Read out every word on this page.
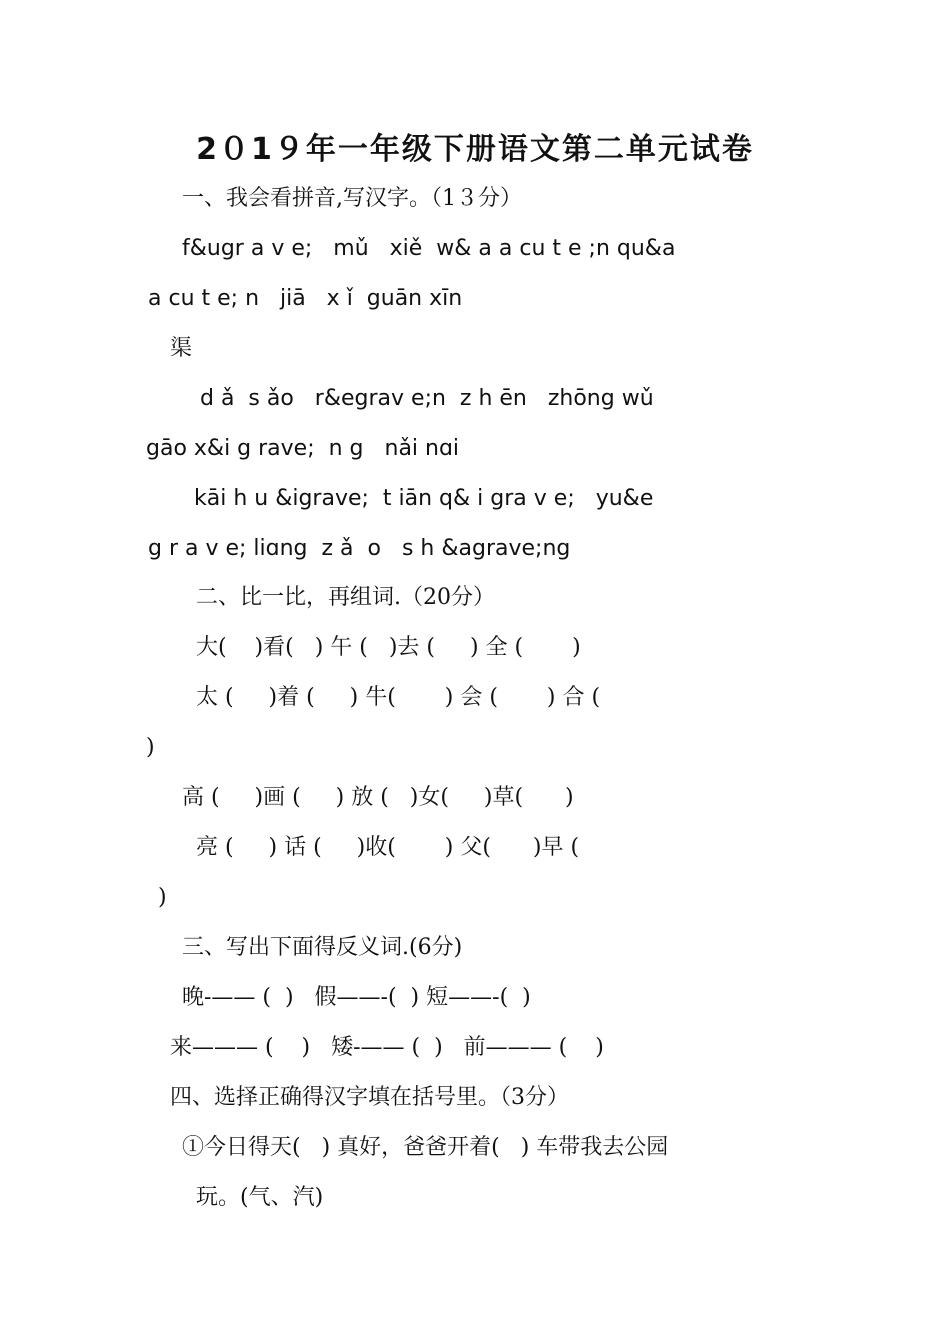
2０1９年一年级下册语文第二单元试卷
一、我会看拼音,写汉字。（1３分）
f&ugr a v e;   mǔ   xiě  w& a a cu t e ;n qu&a
a cu t e; n   jiā   x ǐ  guān xīn
渠
d ǎ  s ǎo   r&egrav e;n  z h ēn   zhōng wǔ
gāo x&i g rave;  n g   nǎi nɑi
kāi h u &igrave;  t iān q& i gra v e;   yu&e
g r a v e; liɑng  z ǎ  o   s h &agrave;ng
二、比一比，再组词.（20分）
大(    )看(   ) 午 (   )去 (     ) 全 (       )
太 (     )着 (     ) 牛(       ) 会 (       ) 合 (
)
高 (     )画 (     ) 放 (   )女(     )草(      )
亮 (     ) 话 (     )收(       ) 父(      )早 (
)
三、写出下面得反义词.(6分)
晚-—— (  )   假——-(  ) 短——-(  )
来——— (    )   矮-—— (  )   前——— (    )
四、选择正确得汉字填在括号里。（3分）
①今日得天(   ) 真好，爸爸开着(   ) 车带我去公园
玩。(气、汽)
